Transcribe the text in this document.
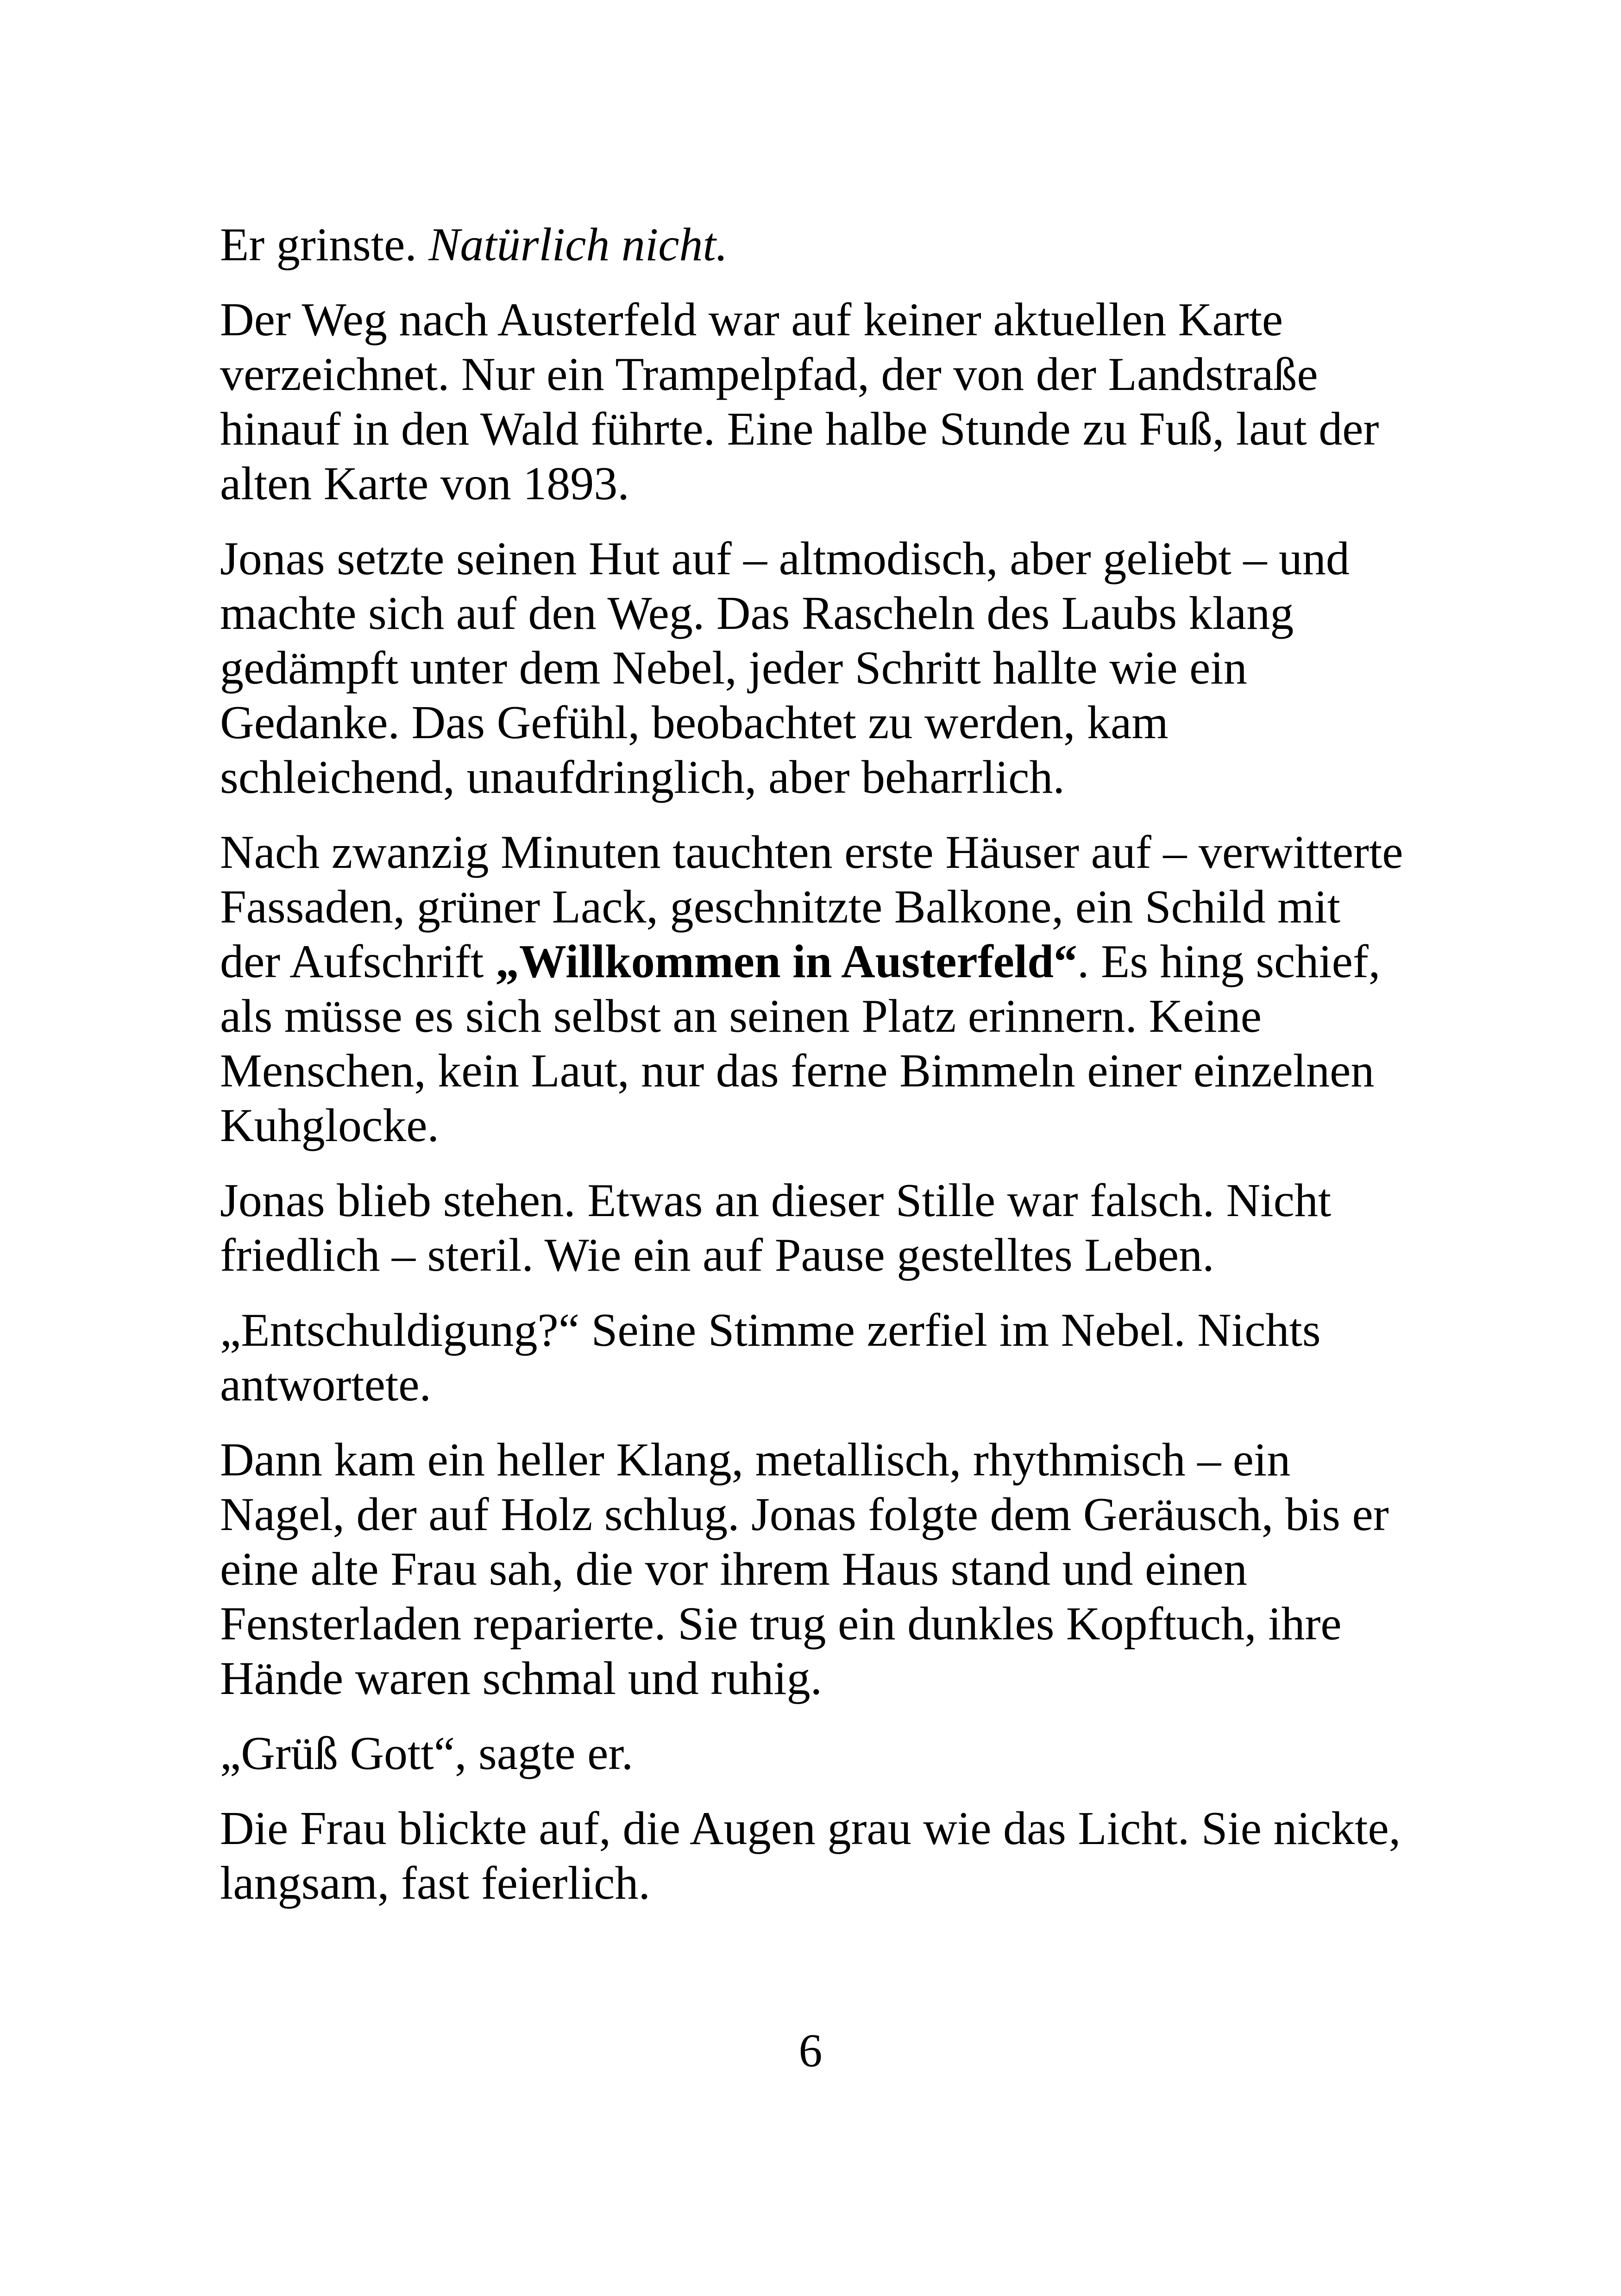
Er grinste. Natürlich nicht.

Der Weg nach Austerfeld war auf keiner aktuellen Karte verzeichnet. Nur ein Trampelpfad, der von der Landstraße hinauf in den Wald führte. Eine halbe Stunde zu Fuß, laut der alten Karte von 1893.

Jonas setzte seinen Hut auf – altmodisch, aber geliebt – und machte sich auf den Weg. Das Rascheln des Laubs klang gedämpft unter dem Nebel, jeder Schritt hallte wie ein Gedanke. Das Gefühl, beobachtet zu werden, kam schleichend, unaufdringlich, aber beharrlich.

Nach zwanzig Minuten tauchten erste Häuser auf – verwitterte Fassaden, grüner Lack, geschnitzte Balkone, ein Schild mit der Aufschrift „Willkommen in Austerfeld“. Es hing schief, als müsse es sich selbst an seinen Platz erinnern. Keine Menschen, kein Laut, nur das ferne Bimmeln einer einzelnen Kuhglocke.

Jonas blieb stehen. Etwas an dieser Stille war falsch. Nicht friedlich – steril. Wie ein auf Pause gestelltes Leben.

„Entschuldigung?“ Seine Stimme zerfiel im Nebel. Nichts antwortete.

Dann kam ein heller Klang, metallisch, rhythmisch – ein Nagel, der auf Holz schlug. Jonas folgte dem Geräusch, bis er eine alte Frau sah, die vor ihrem Haus stand und einen Fensterladen reparierte. Sie trug ein dunkles Kopftuch, ihre Hände waren schmal und ruhig.

„Grüß Gott“, sagte er.

Die Frau blickte auf, die Augen grau wie das Licht. Sie nickte, langsam, fast feierlich.

6
